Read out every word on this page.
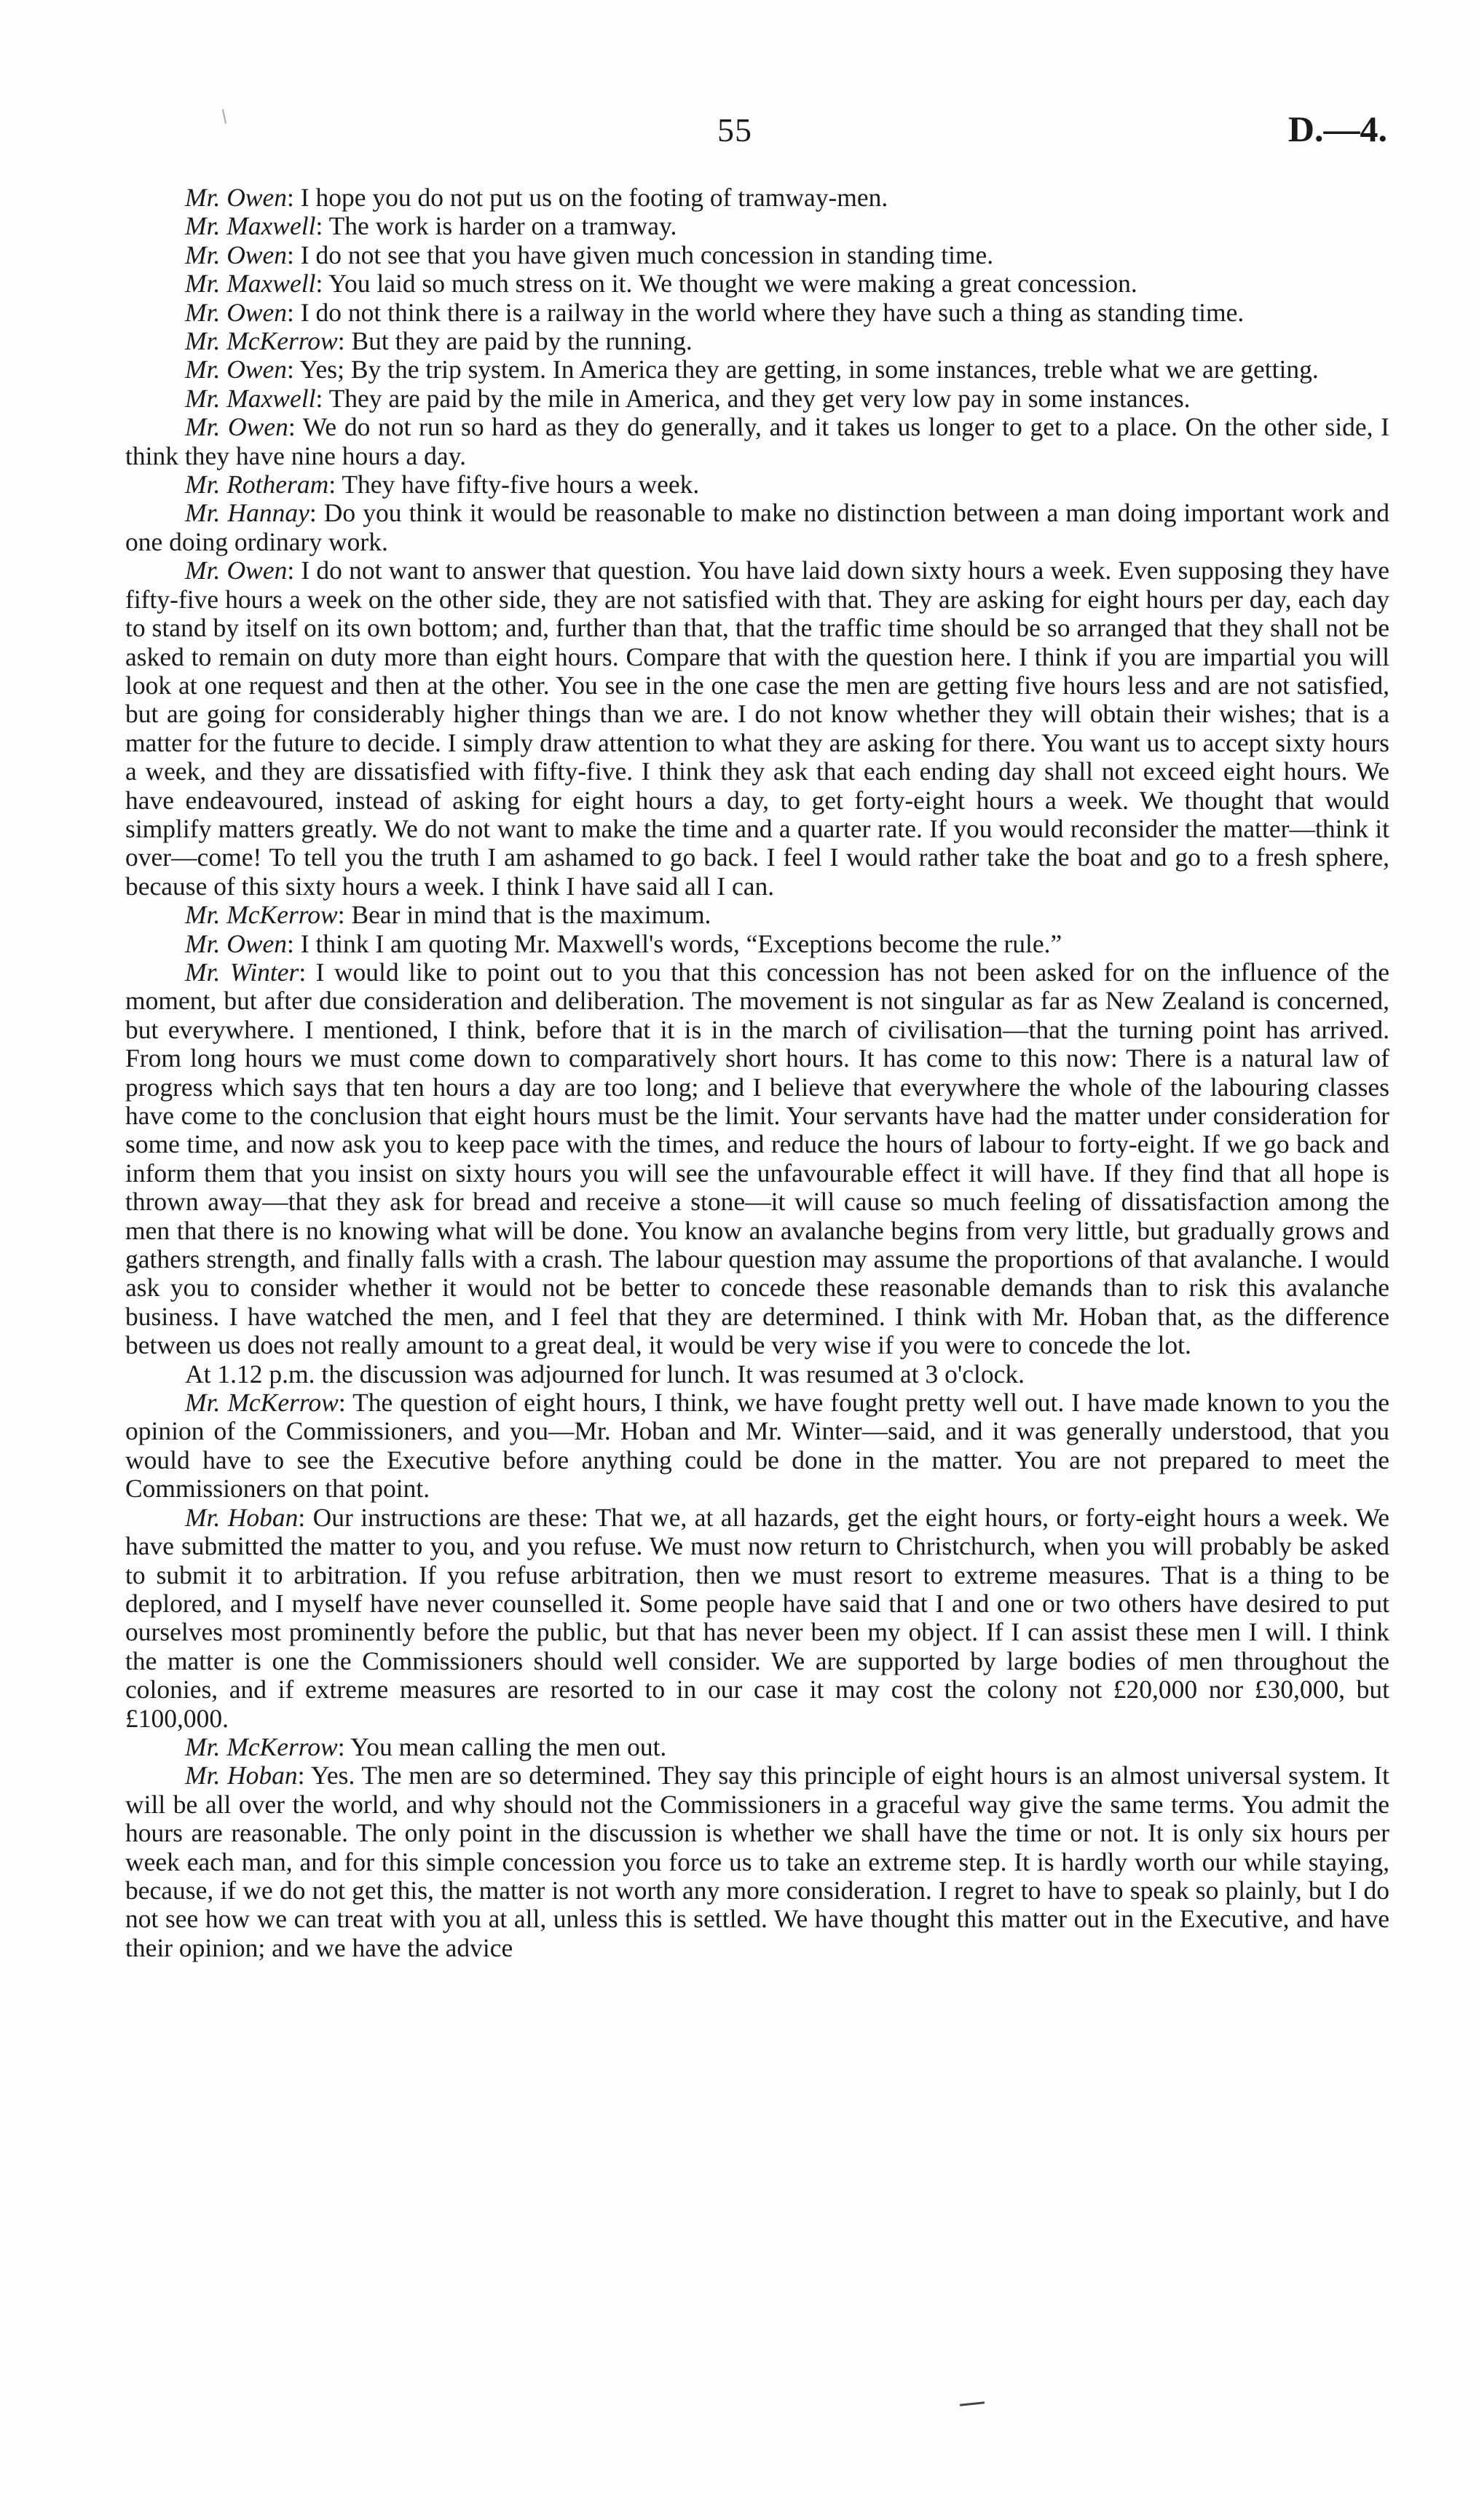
55	D.—4.

Mr. Owen: I hope you do not put us on the footing of tramway-men.

Mr. Maxwell: The work is harder on a tramway.

Mr. Owen: I do not see that you have given much concession in standing time.

Mr. Maxwell: You laid so much stress on it. We thought we were making a great concession.

Mr. Owen: I do not think there is a railway in the world where they have such a thing as standing time.

Mr. McKerrow: But they are paid by the running.

Mr. Owen: Yes; By the trip system. In America they are getting, in some instances, treble what we are getting.

Mr. Maxwell: They are paid by the mile in America, and they get very low pay in some instances.

Mr. Owen: We do not run so hard as they do generally, and it takes us longer to get to a place. On the other side, I think they have nine hours a day.

Mr. Rotheram: They have fifty-five hours a week.

Mr. Hannay: Do you think it would be reasonable to make no distinction between a man doing important work and one doing ordinary work.

Mr. Owen: I do not want to answer that question. You have laid down sixty hours a week. Even supposing they have fifty-five hours a week on the other side, they are not satisfied with that. They are asking for eight hours per day, each day to stand by itself on its own bottom; and, further than that, that the traffic time should be so arranged that they shall not be asked to remain on duty more than eight hours. Compare that with the question here. I think if you are impartial you will look at one request and then at the other. You see in the one case the men are getting five hours less and are not satisfied, but are going for considerably higher things than we are. I do not know whether they will obtain their wishes; that is a matter for the future to decide. I simply draw attention to what they are asking for there. You want us to accept sixty hours a week, and they are dissatisfied with fifty-five. I think they ask that each ending day shall not exceed eight hours. We have endeavoured, instead of asking for eight hours a day, to get forty-eight hours a week. We thought that would simplify matters greatly. We do not want to make the time and a quarter rate. If you would reconsider the matter—think it over—come! To tell you the truth I am ashamed to go back. I feel I would rather take the boat and go to a fresh sphere, because of this sixty hours a week. I think I have said all I can.

Mr. McKerrow: Bear in mind that is the maximum.

Mr. Owen: I think I am quoting Mr. Maxwell's words, “Exceptions become the rule.”

Mr. Winter: I would like to point out to you that this concession has not been asked for on the influence of the moment, but after due consideration and deliberation. The movement is not singular as far as New Zealand is concerned, but everywhere. I mentioned, I think, before that it is in the march of civilisation—that the turning point has arrived. From long hours we must come down to comparatively short hours. It has come to this now: There is a natural law of progress which says that ten hours a day are too long; and I believe that everywhere the whole of the labouring classes have come to the conclusion that eight hours must be the limit. Your servants have had the matter under consideration for some time, and now ask you to keep pace with the times, and reduce the hours of labour to forty-eight. If we go back and inform them that you insist on sixty hours you will see the unfavourable effect it will have. If they find that all hope is thrown away—that they ask for bread and receive a stone—it will cause so much feeling of dissatisfaction among the men that there is no knowing what will be done. You know an avalanche begins from very little, but gradually grows and gathers strength, and finally falls with a crash. The labour question may assume the proportions of that avalanche. I would ask you to consider whether it would not be better to concede these reasonable demands than to risk this avalanche business. I have watched the men, and I feel that they are determined. I think with Mr. Hoban that, as the difference between us does not really amount to a great deal, it would be very wise if you were to concede the lot.

At 1.12 p.m. the discussion was adjourned for lunch. It was resumed at 3 o'clock.

Mr. McKerrow: The question of eight hours, I think, we have fought pretty well out. I have made known to you the opinion of the Commissioners, and you—Mr. Hoban and Mr. Winter—said, and it was generally understood, that you would have to see the Executive before anything could be done in the matter. You are not prepared to meet the Commissioners on that point.

Mr. Hoban: Our instructions are these: That we, at all hazards, get the eight hours, or forty-eight hours a week. We have submitted the matter to you, and you refuse. We must now return to Christchurch, when you will probably be asked to submit it to arbitration. If you refuse arbitration, then we must resort to extreme measures. That is a thing to be deplored, and I myself have never counselled it. Some people have said that I and one or two others have desired to put ourselves most prominently before the public, but that has never been my object. If I can assist these men I will. I think the matter is one the Commissioners should well consider. We are supported by large bodies of men throughout the colonies, and if extreme measures are resorted to in our case it may cost the colony not £20,000 nor £30,000, but £100,000.

Mr. McKerrow: You mean calling the men out.

Mr. Hoban: Yes. The men are so determined. They say this principle of eight hours is an almost universal system. It will be all over the world, and why should not the Commissioners in a graceful way give the same terms. You admit the hours are reasonable. The only point in the discussion is whether we shall have the time or not. It is only six hours per week each man, and for this simple concession you force us to take an extreme step. It is hardly worth our while staying, because, if we do not get this, the matter is not worth any more consideration. I regret to have to speak so plainly, but I do not see how we can treat with you at all, unless this is settled. We have thought this matter out in the Executive, and have their opinion; and we have the advice
